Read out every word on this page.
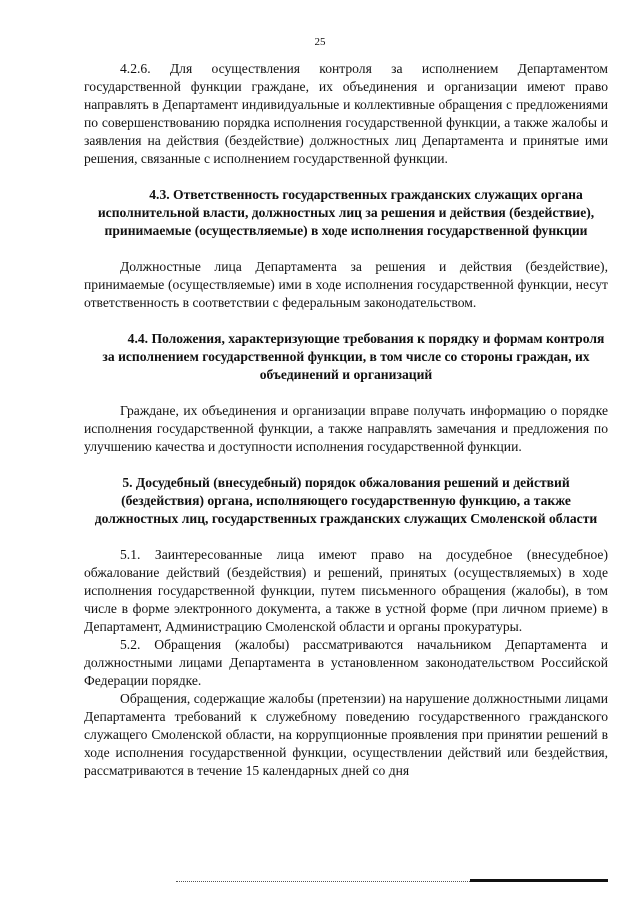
25

4.2.6. Для осуществления контроля за исполнением Департаментом государственной функции граждане, их объединения и организации имеют право направлять в Департамент индивидуальные и коллективные обращения с предложениями по совершенствованию порядка исполнения государственной функции, а также жалобы и заявления на действия (бездействие) должностных лиц Департамента и принятые ими решения, связанные с исполнением государственной функции.

4.3. Ответственность государственных гражданских служащих органа исполнительной власти, должностных лиц за решения и действия (бездействие), принимаемые (осуществляемые) в ходе исполнения государственной функции

Должностные лица Департамента за решения и действия (бездействие), принимаемые (осуществляемые) ими в ходе исполнения государственной функции, несут ответственность в соответствии с федеральным законодательством.

4.4. Положения, характеризующие требования к порядку и формам контроля за исполнением государственной функции, в том числе со стороны граждан, их объединений и организаций

Граждане, их объединения и организации вправе получать информацию о порядке исполнения государственной функции, а также направлять замечания и предложения по улучшению качества и доступности исполнения государственной функции.

5. Досудебный (внесудебный) порядок обжалования решений и действий (бездействия) органа, исполняющего государственную функцию, а также должностных лиц, государственных гражданских служащих Смоленской области

5.1. Заинтересованные лица имеют право на досудебное (внесудебное) обжалование действий (бездействия) и решений, принятых (осуществляемых) в ходе исполнения государственной функции, путем письменного обращения (жалобы), в том числе в форме электронного документа, а также в устной форме (при личном приеме) в Департамент, Администрацию Смоленской области и органы прокуратуры.

5.2. Обращения (жалобы) рассматриваются начальником Департамента и должностными лицами Департамента в установленном законодательством Российской Федерации порядке.

Обращения, содержащие жалобы (претензии) на нарушение должностными лицами Департамента требований к служебному поведению государственного гражданского служащего Смоленской области, на коррупционные проявления при принятии решений в ходе исполнения государственной функции, осуществлении действий или бездействия, рассматриваются в течение 15 календарных дней со дня
